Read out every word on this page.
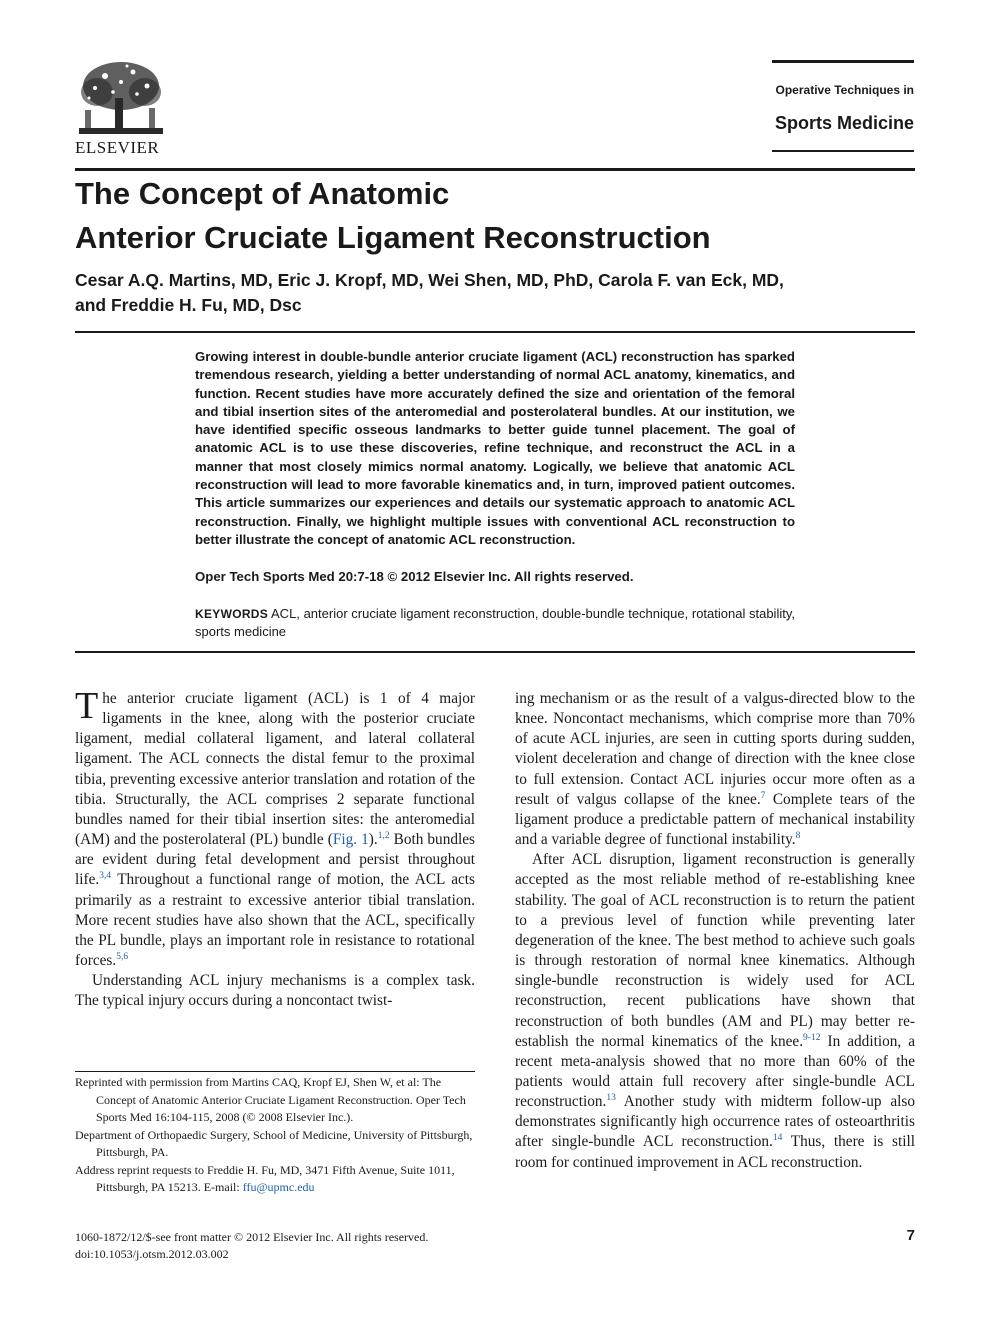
ELSEVIER
Operative Techniques in
Sports Medicine
The Concept of Anatomic
Anterior Cruciate Ligament Reconstruction

Cesar A.Q. Martins, MD, Eric J. Kropf, MD, Wei Shen, MD, PhD, Carola F. van Eck, MD,
and Freddie H. Fu, MD, Dsc

Growing interest in double-bundle anterior cruciate ligament (ACL) reconstruction has sparked tremendous research, yielding a better understanding of normal ACL anatomy, kinematics, and function. Recent studies have more accurately defined the size and orientation of the femoral and tibial insertion sites of the anteromedial and posterolateral bundles. At our institution, we have identified specific osseous landmarks to better guide tunnel placement. The goal of anatomic ACL is to use these discoveries, refine technique, and reconstruct the ACL in a manner that most closely mimics normal anatomy. Logically, we believe that anatomic ACL reconstruction will lead to more favorable kinematics and, in turn, improved patient outcomes. This article summarizes our experiences and details our systematic approach to anatomic ACL reconstruction. Finally, we highlight multiple issues with conventional ACL reconstruction to better illustrate the concept of anatomic ACL reconstruction.

Oper Tech Sports Med 20:7-18 © 2012 Elsevier Inc. All rights reserved.

KEYWORDS ACL, anterior cruciate ligament reconstruction, double-bundle technique, rotational stability, sports medicine

The anterior cruciate ligament (ACL) is 1 of 4 major ligaments in the knee, along with the posterior cruciate ligament, medial collateral ligament, and lateral collateral ligament. The ACL connects the distal femur to the proximal tibia, preventing excessive anterior translation and rotation of the tibia. Structurally, the ACL comprises 2 separate functional bundles named for their tibial insertion sites: the anteromedial (AM) and the posterolateral (PL) bundle (Fig. 1).$^{1,2}$ Both bundles are evident during fetal development and persist throughout life.$^{3,4}$ Throughout a functional range of motion, the ACL acts primarily as a restraint to excessive anterior tibial translation. More recent studies have also shown that the ACL, specifically the PL bundle, plays an important role in resistance to rotational forces.$^{5,6}$

Understanding ACL injury mechanisms is a complex task. The typical injury occurs during a noncontact twist-

Reprinted with permission from Martins CAQ, Kropf EJ, Shen W, et al: The Concept of Anatomic Anterior Cruciate Ligament Reconstruction. Oper Tech Sports Med 16:104-115, 2008 (© 2008 Elsevier Inc.).

Department of Orthopaedic Surgery, School of Medicine, University of Pittsburgh, Pittsburgh, PA.

Address reprint requests to Freddie H. Fu, MD, 3471 Fifth Avenue, Suite 1011, Pittsburgh, PA 15213. E-mail: ffu@upmc.edu

ing mechanism or as the result of a valgus-directed blow to the knee. Noncontact mechanisms, which comprise more than 70% of acute ACL injuries, are seen in cutting sports during sudden, violent deceleration and change of direction with the knee close to full extension. Contact ACL injuries occur more often as a result of valgus collapse of the knee.$^7$ Complete tears of the ligament produce a predictable pattern of mechanical instability and a variable degree of functional instability.$^8$

After ACL disruption, ligament reconstruction is generally accepted as the most reliable method of re-establishing knee stability. The goal of ACL reconstruction is to return the patient to a previous level of function while preventing later degeneration of the knee. The best method to achieve such goals is through restoration of normal knee kinematics. Although single-bundle reconstruction is widely used for ACL reconstruction, recent publications have shown that reconstruction of both bundles (AM and PL) may better re-establish the normal kinematics of the knee.$^{9-12}$ In addition, a recent meta-analysis showed that no more than 60% of the patients would attain full recovery after single-bundle ACL reconstruction.$^{13}$ Another study with midterm follow-up also demonstrates significantly high occurrence rates of osteoarthritis after single-bundle ACL reconstruction.$^{14}$ Thus, there is still room for continued improvement in ACL reconstruction.

1060-1872/12/$-see front matter © 2012 Elsevier Inc. All rights reserved.
doi:10.1053/j.otsm.2012.03.002
7
